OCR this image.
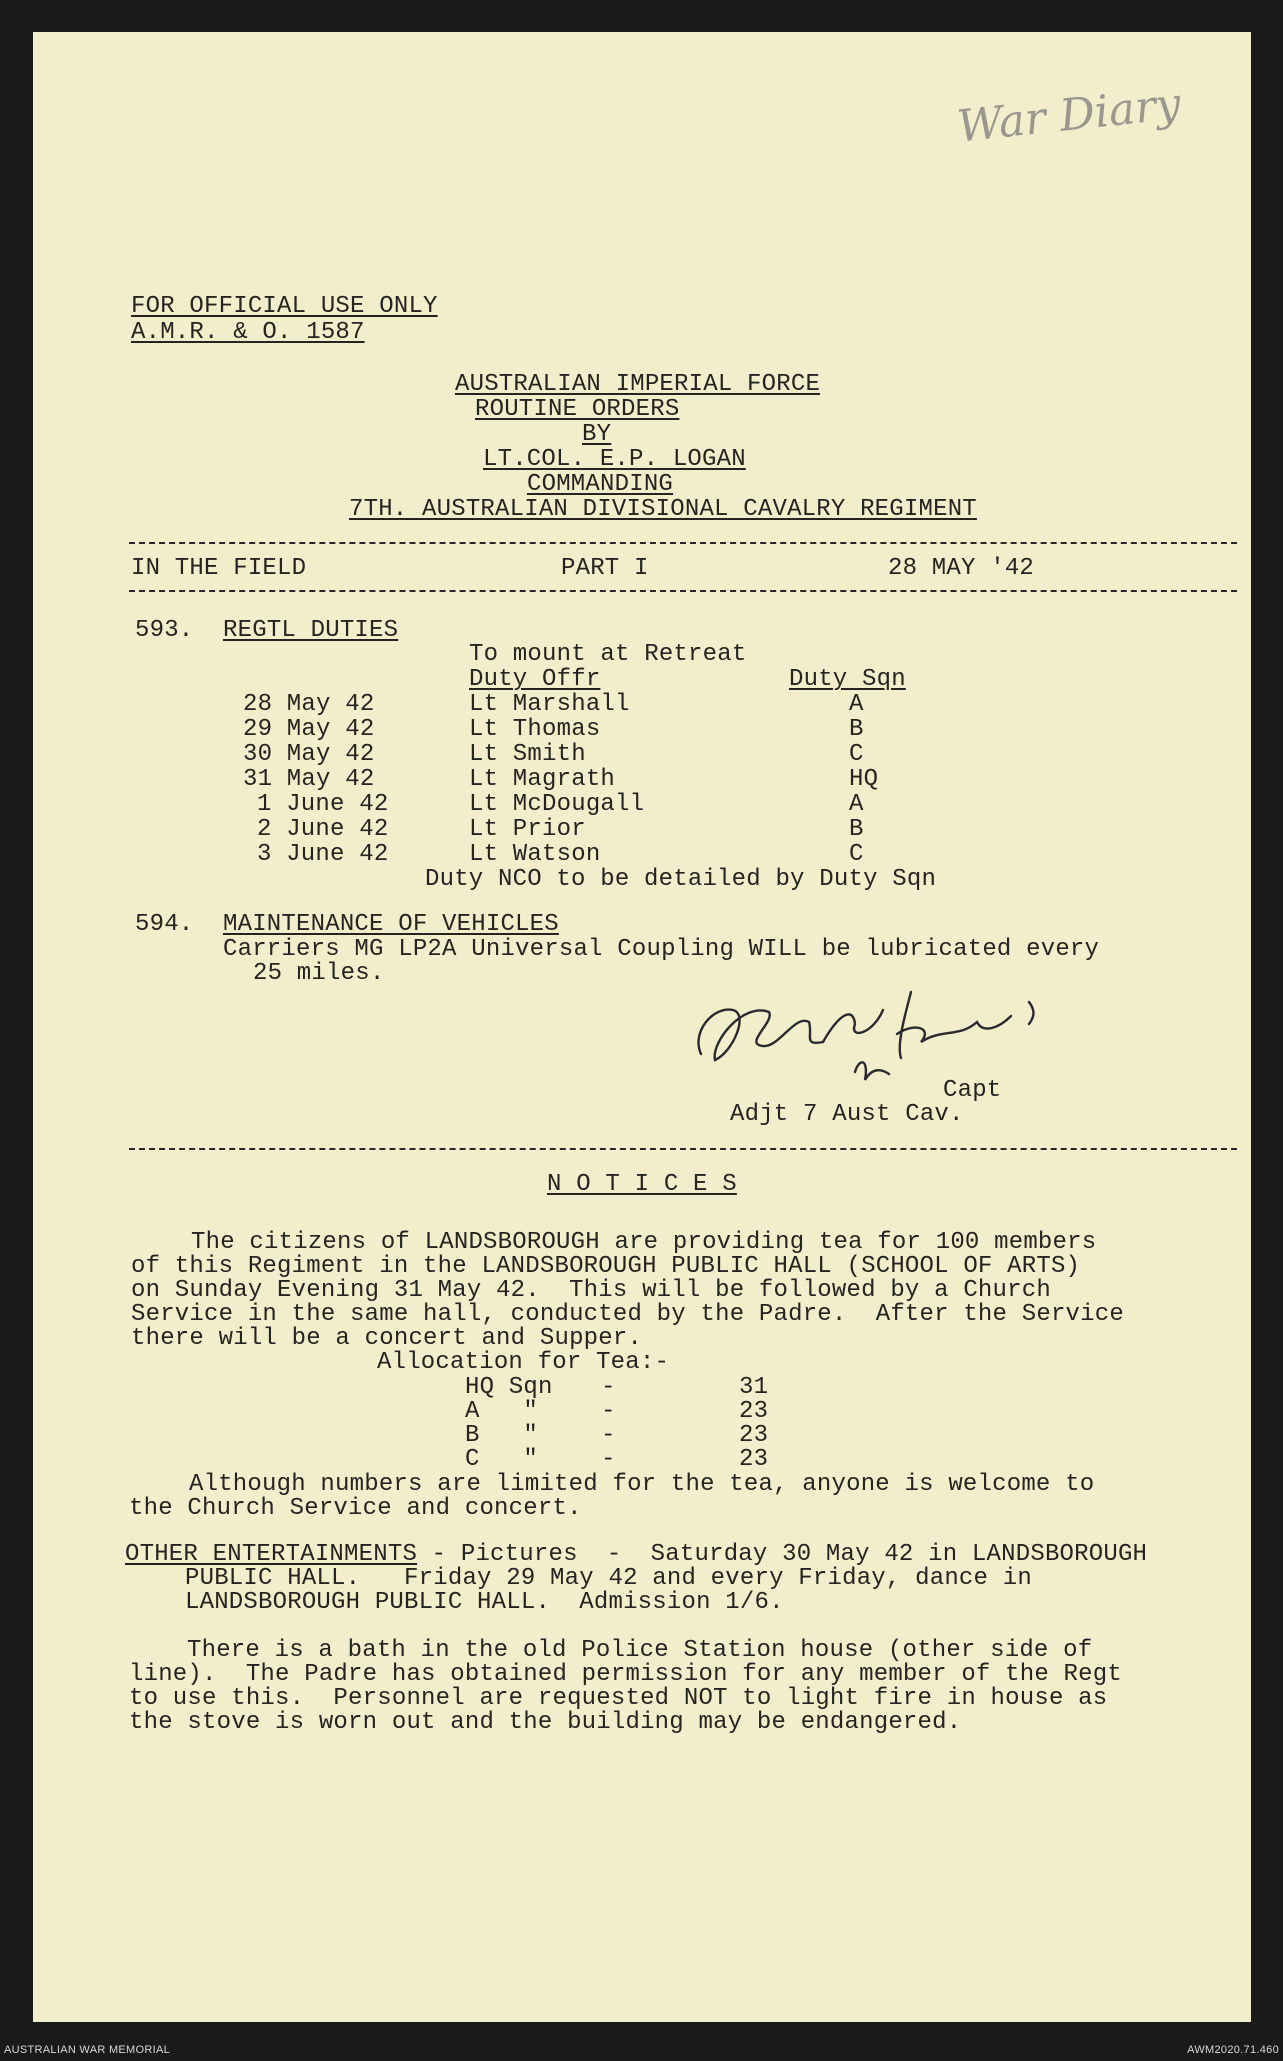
War Diary
FOR OFFICIAL USE ONLY
A.M.R. & O. 1587
AUSTRALIAN IMPERIAL FORCE
ROUTINE ORDERS
BY
LT.COL. E.P. LOGAN
COMMANDING
7TH. AUSTRALIAN DIVISIONAL CAVALRY REGIMENT
IN THE FIELD	PART I	28 MAY '42
593. REGTL DUTIES
To mount at Retreat
Duty Offr	Duty Sqn
28 May 42	Lt Marshall	A
29 May 42	Lt Thomas	B
30 May 42	Lt Smith	C
31 May 42	Lt Magrath	HQ
1 June 42	Lt McDougall	A
2 June 42	Lt Prior	B
3 June 42	Lt Watson	C
Duty NCO to be detailed by Duty Sqn
594. MAINTENANCE OF VEHICLES
Carriers MG LP2A Universal Coupling WILL be lubricated every
25 miles.
Capt
Adjt 7 Aust Cav.
N O T I C E S
The citizens of LANDSBOROUGH are providing tea for 100 members
of this Regiment in the LANDSBOROUGH PUBLIC HALL (SCHOOL OF ARTS)
on Sunday Evening 31 May 42.  This will be followed by a Church
Service in the same hall, conducted by the Padre.  After the Service
there will be a concert and Supper.
Allocation for Tea:-
HQ Sqn -	31
A   "	-	23
B   "	-	23
C   "	-	23
Although numbers are limited for the tea, anyone is welcome to
the Church Service and concert.
OTHER ENTERTAINMENTS - Pictures  -  Saturday 30 May 42 in LANDSBOROUGH
PUBLIC HALL.   Friday 29 May 42 and every Friday, dance in
LANDSBOROUGH PUBLIC HALL.  Admission 1/6.
There is a bath in the old Police Station house (other side of
line).  The Padre has obtained permission for any member of the Regt
to use this.  Personnel are requested NOT to light fire in house as
the stove is worn out and the building may be endangered.
AUSTRALIAN WAR MEMORIAL	AWM2020.71.460
